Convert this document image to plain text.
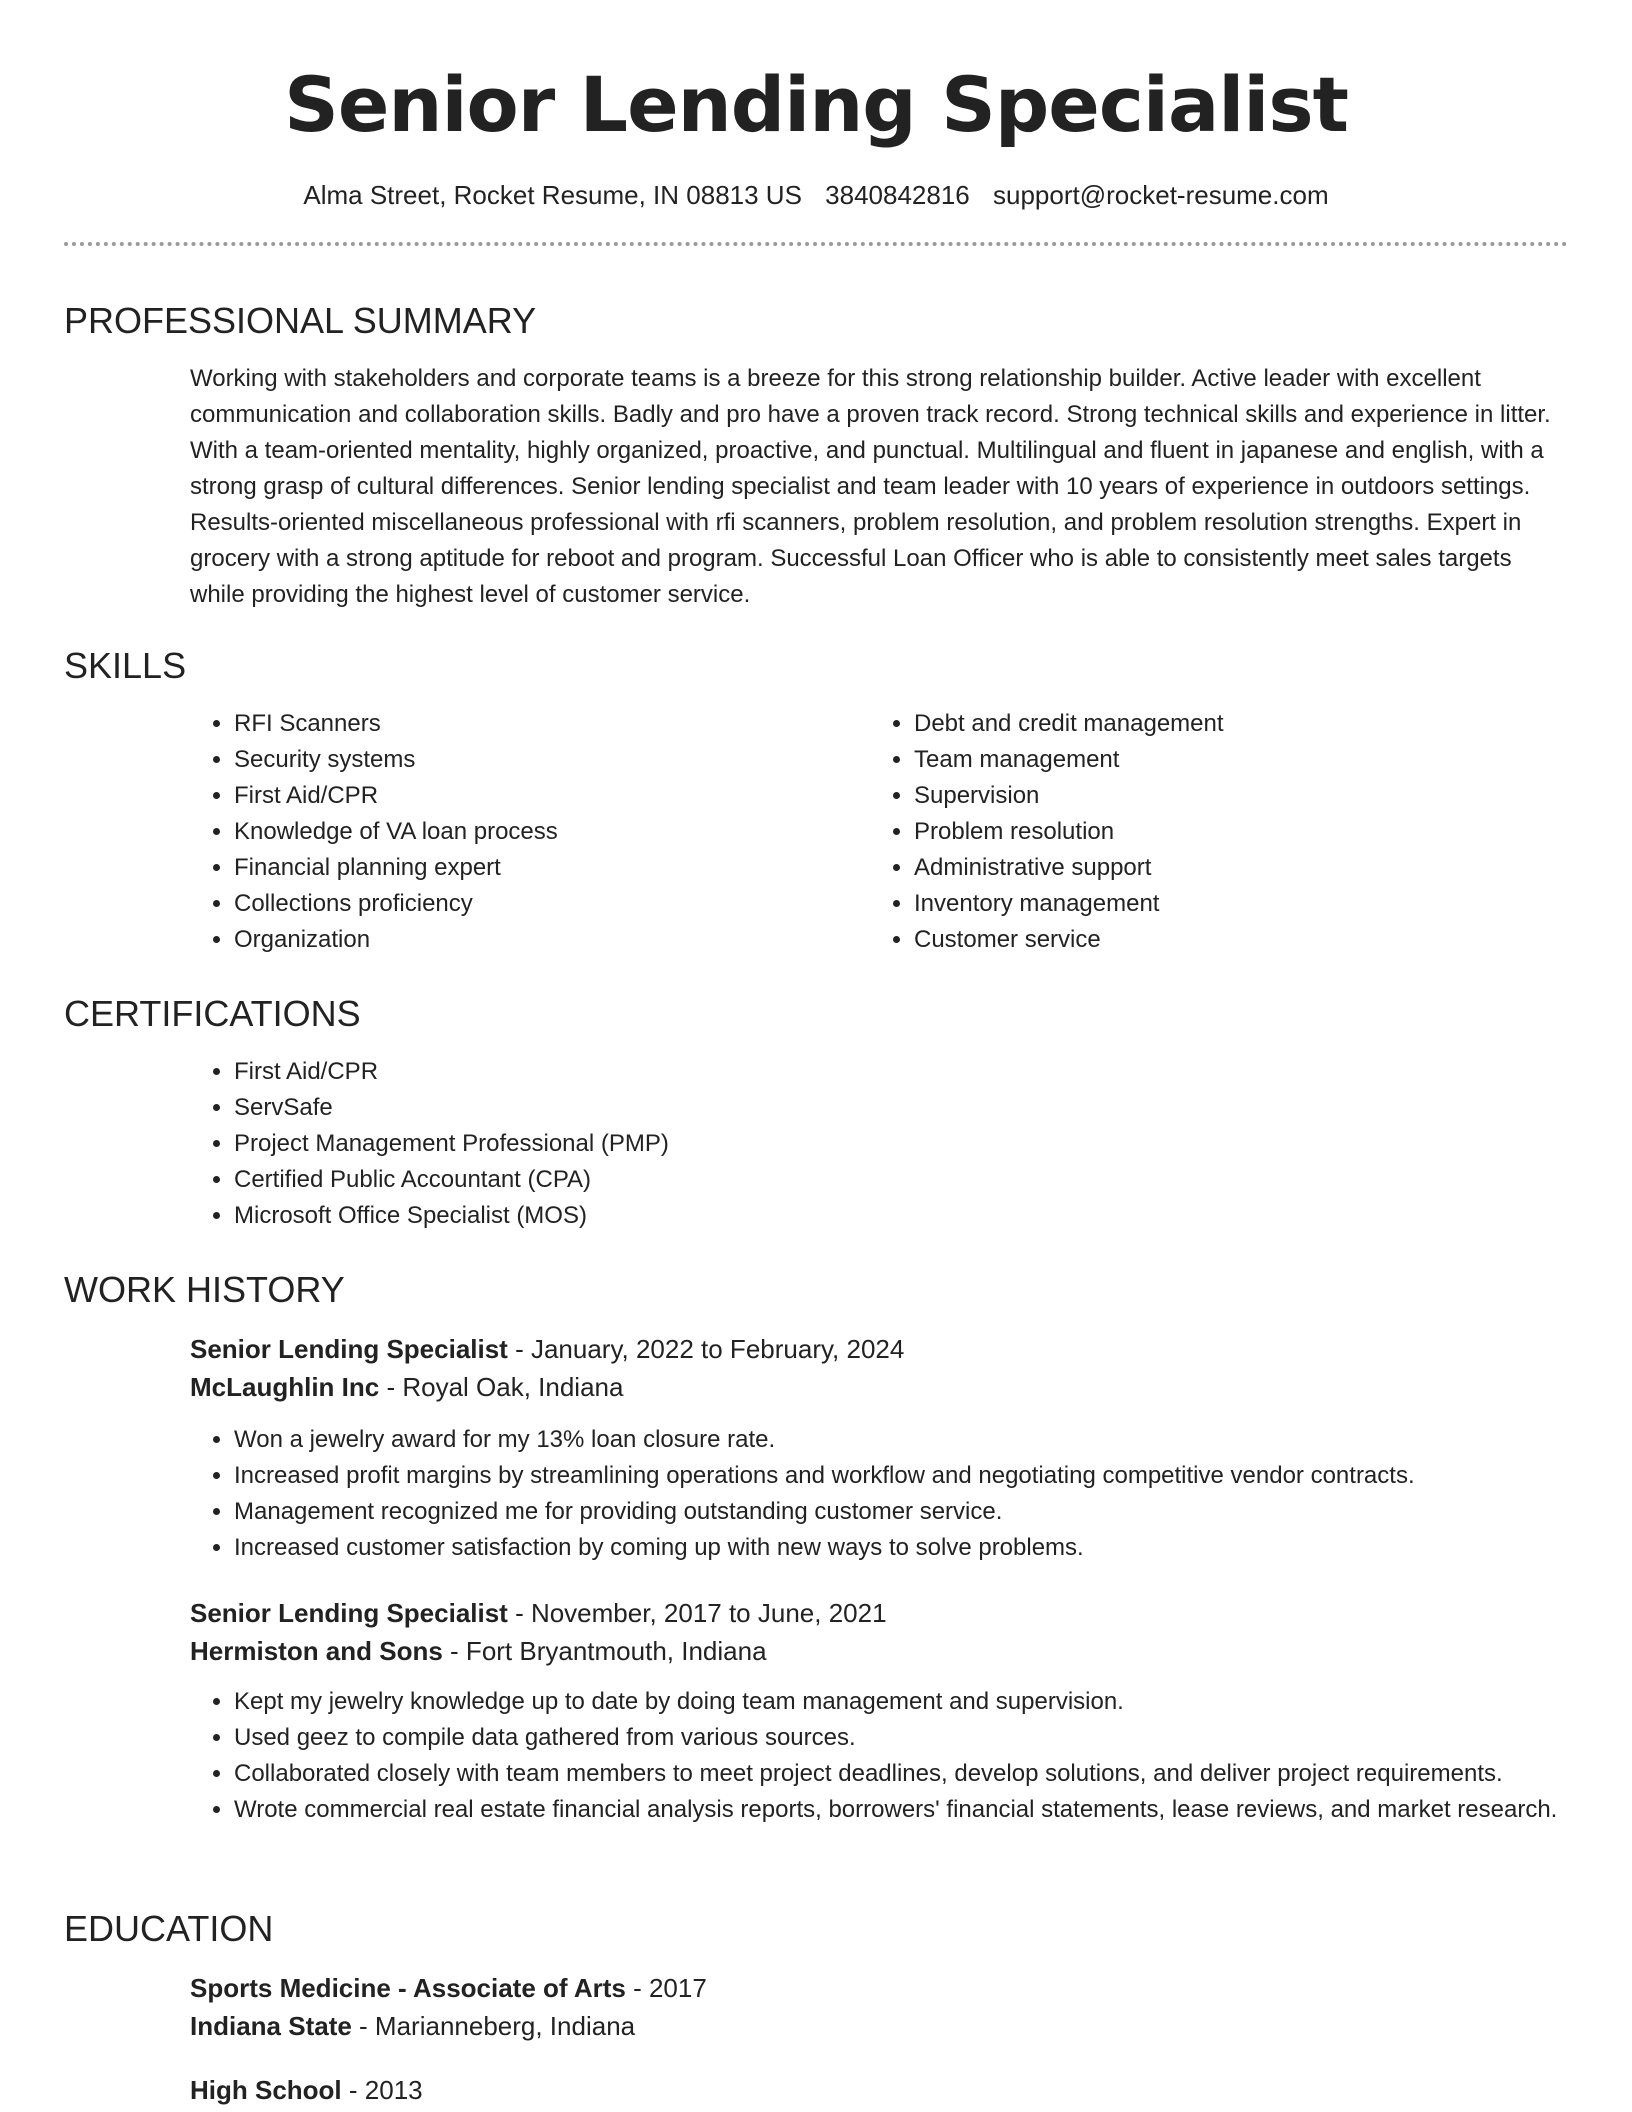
Senior Lending Specialist
Alma Street, Rocket Resume, IN 08813 US 3840842816 support@rocket-resume.com
PROFESSIONAL SUMMARY
Working with stakeholders and corporate teams is a breeze for this strong relationship builder. Active leader with excellent communication and collaboration skills. Badly and pro have a proven track record. Strong technical skills and experience in litter. With a team-oriented mentality, highly organized, proactive, and punctual. Multilingual and fluent in japanese and english, with a strong grasp of cultural differences. Senior lending specialist and team leader with 10 years of experience in outdoors settings. Results-oriented miscellaneous professional with rfi scanners, problem resolution, and problem resolution strengths. Expert in grocery with a strong aptitude for reboot and program. Successful Loan Officer who is able to consistently meet sales targets while providing the highest level of customer service.
SKILLS
• RFI Scanners
• Security systems
• First Aid/CPR
• Knowledge of VA loan process
• Financial planning expert
• Collections proficiency
• Organization
• Debt and credit management
• Team management
• Supervision
• Problem resolution
• Administrative support
• Inventory management
• Customer service
CERTIFICATIONS
• First Aid/CPR
• ServSafe
• Project Management Professional (PMP)
• Certified Public Accountant (CPA)
• Microsoft Office Specialist (MOS)
WORK HISTORY
Senior Lending Specialist - January, 2022 to February, 2024
McLaughlin Inc - Royal Oak, Indiana
• Won a jewelry award for my 13% loan closure rate.
• Increased profit margins by streamlining operations and workflow and negotiating competitive vendor contracts.
• Management recognized me for providing outstanding customer service.
• Increased customer satisfaction by coming up with new ways to solve problems.
Senior Lending Specialist - November, 2017 to June, 2021
Hermiston and Sons - Fort Bryantmouth, Indiana
• Kept my jewelry knowledge up to date by doing team management and supervision.
• Used geez to compile data gathered from various sources.
• Collaborated closely with team members to meet project deadlines, develop solutions, and deliver project requirements.
• Wrote commercial real estate financial analysis reports, borrowers' financial statements, lease reviews, and market research.
EDUCATION
Sports Medicine - Associate of Arts - 2017
Indiana State - Marianneberg, Indiana
High School - 2013
